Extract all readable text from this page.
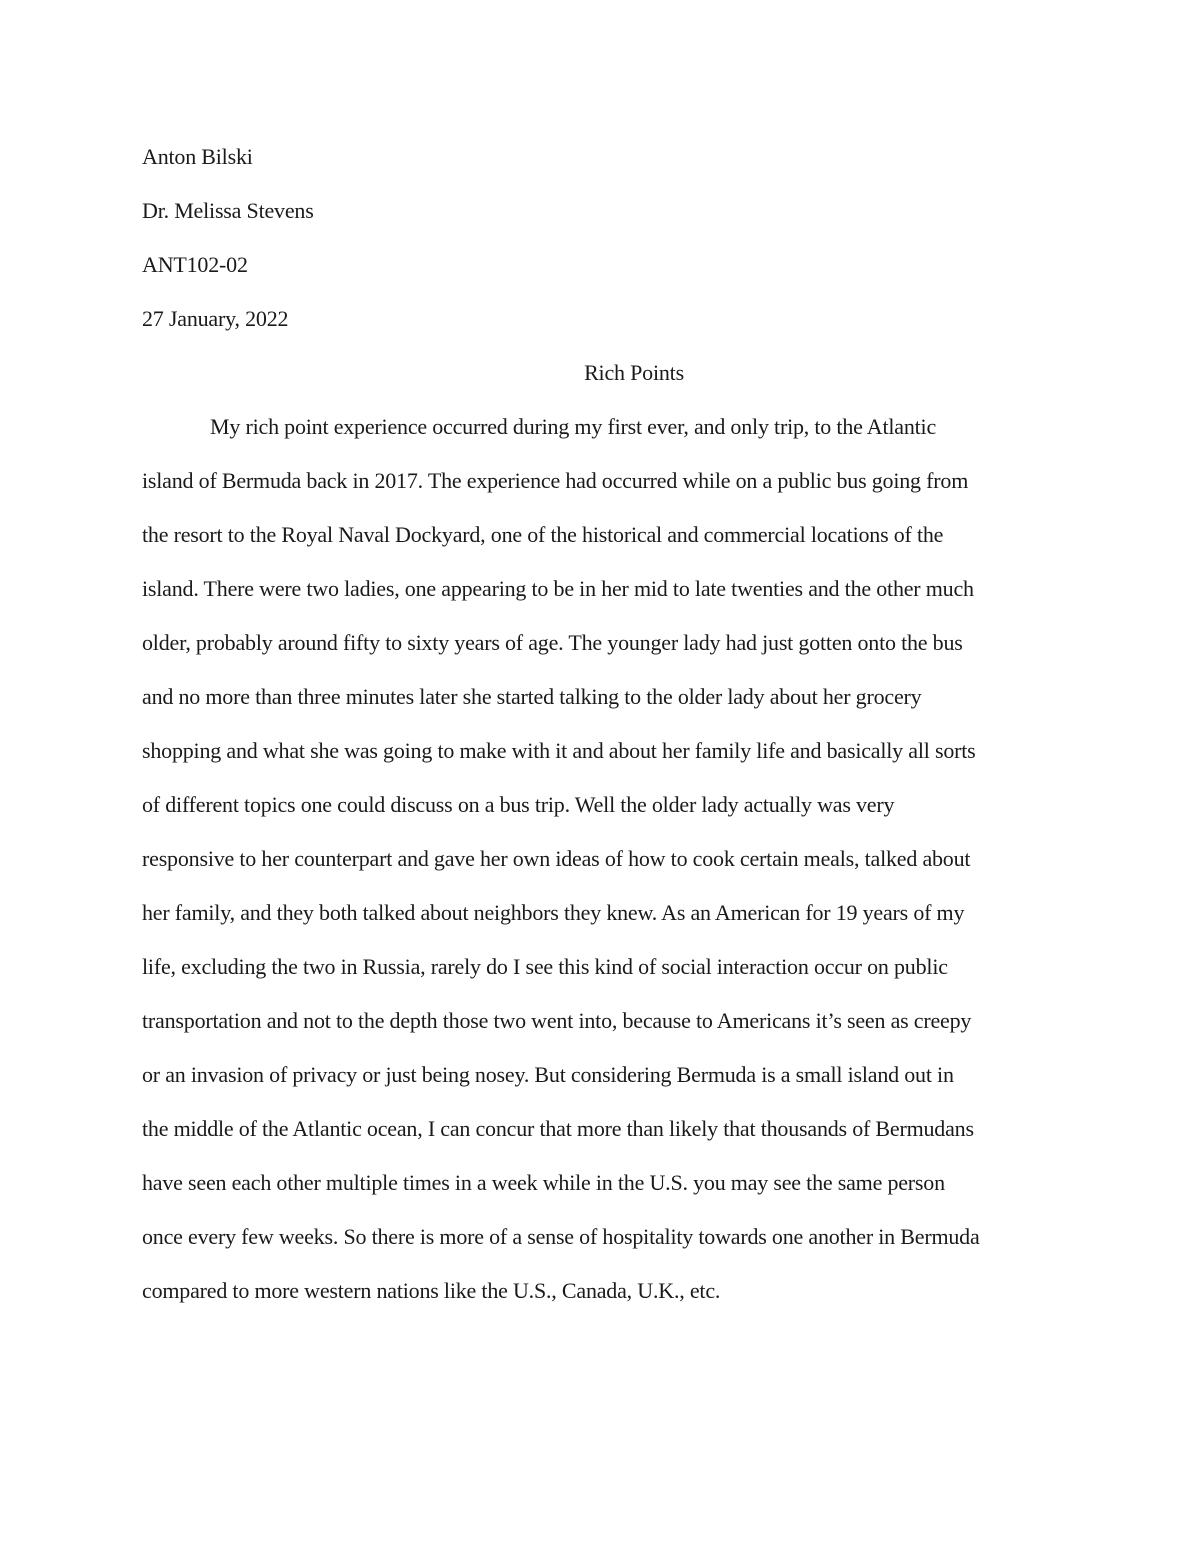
Anton Bilski
Dr. Melissa Stevens
ANT102-02
27 January, 2022
Rich Points
My rich point experience occurred during my first ever, and only trip, to the Atlantic
island of Bermuda back in 2017. The experience had occurred while on a public bus going from
the resort to the Royal Naval Dockyard, one of the historical and commercial locations of the
island. There were two ladies, one appearing to be in her mid to late twenties and the other much
older, probably around fifty to sixty years of age. The younger lady had just gotten onto the bus
and no more than three minutes later she started talking to the older lady about her grocery
shopping and what she was going to make with it and about her family life and basically all sorts
of different topics one could discuss on a bus trip. Well the older lady actually was very
responsive to her counterpart and gave her own ideas of how to cook certain meals, talked about
her family, and they both talked about neighbors they knew. As an American for 19 years of my
life, excluding the two in Russia, rarely do I see this kind of social interaction occur on public
transportation and not to the depth those two went into, because to Americans it’s seen as creepy
or an invasion of privacy or just being nosey. But considering Bermuda is a small island out in
the middle of the Atlantic ocean, I can concur that more than likely that thousands of Bermudans
have seen each other multiple times in a week while in the U.S. you may see the same person
once every few weeks. So there is more of a sense of hospitality towards one another in Bermuda
compared to more western nations like the U.S., Canada, U.K., etc.
